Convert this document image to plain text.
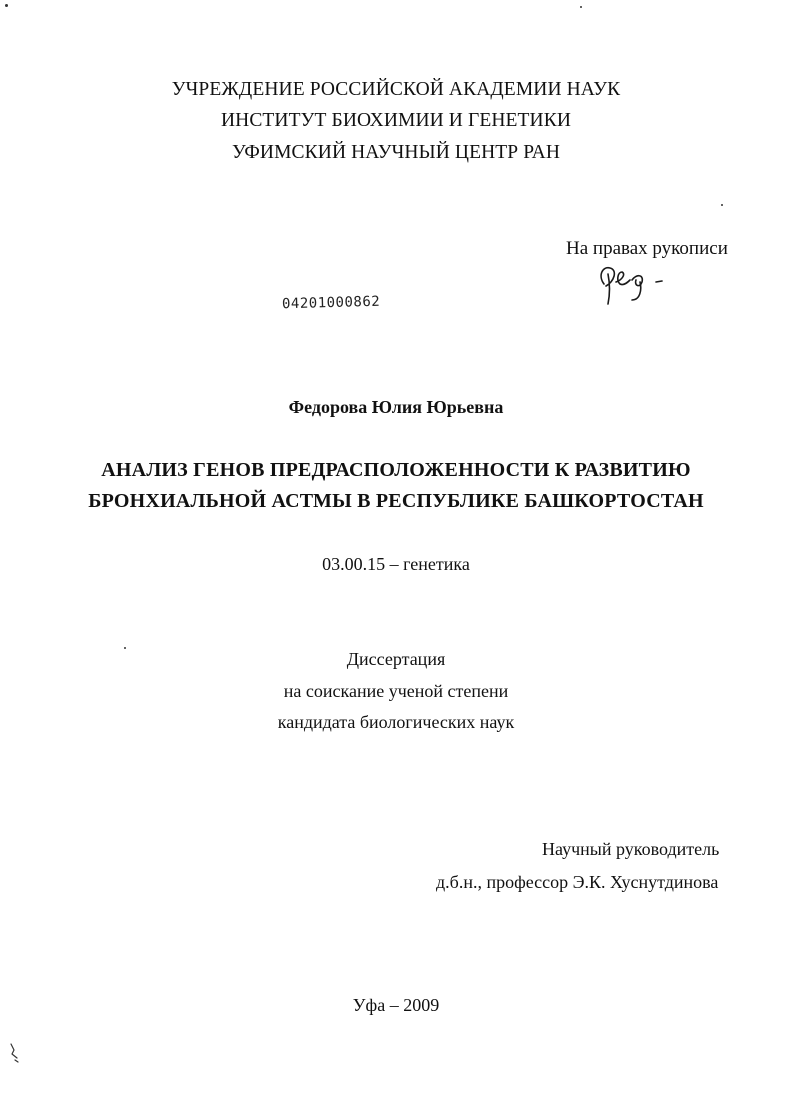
УЧРЕЖДЕНИЕ РОССИЙСКОЙ АКАДЕМИИ НАУК
ИНСТИТУТ БИОХИМИИ И ГЕНЕТИКИ
УФИМСКИЙ НАУЧНЫЙ ЦЕНТР РАН
На правах рукописи
04201000862
Федорова Юлия Юрьевна
АНАЛИЗ ГЕНОВ ПРЕДРАСПОЛОЖЕННОСТИ К РАЗВИТИЮ
БРОНХИАЛЬНОЙ АСТМЫ В РЕСПУБЛИКЕ БАШКОРТОСТАН
03.00.15 – генетика
Диссертация
на соискание ученой степени
кандидата биологических наук
Научный руководитель
д.б.н., профессор Э.К. Хуснутдинова
Уфа – 2009
